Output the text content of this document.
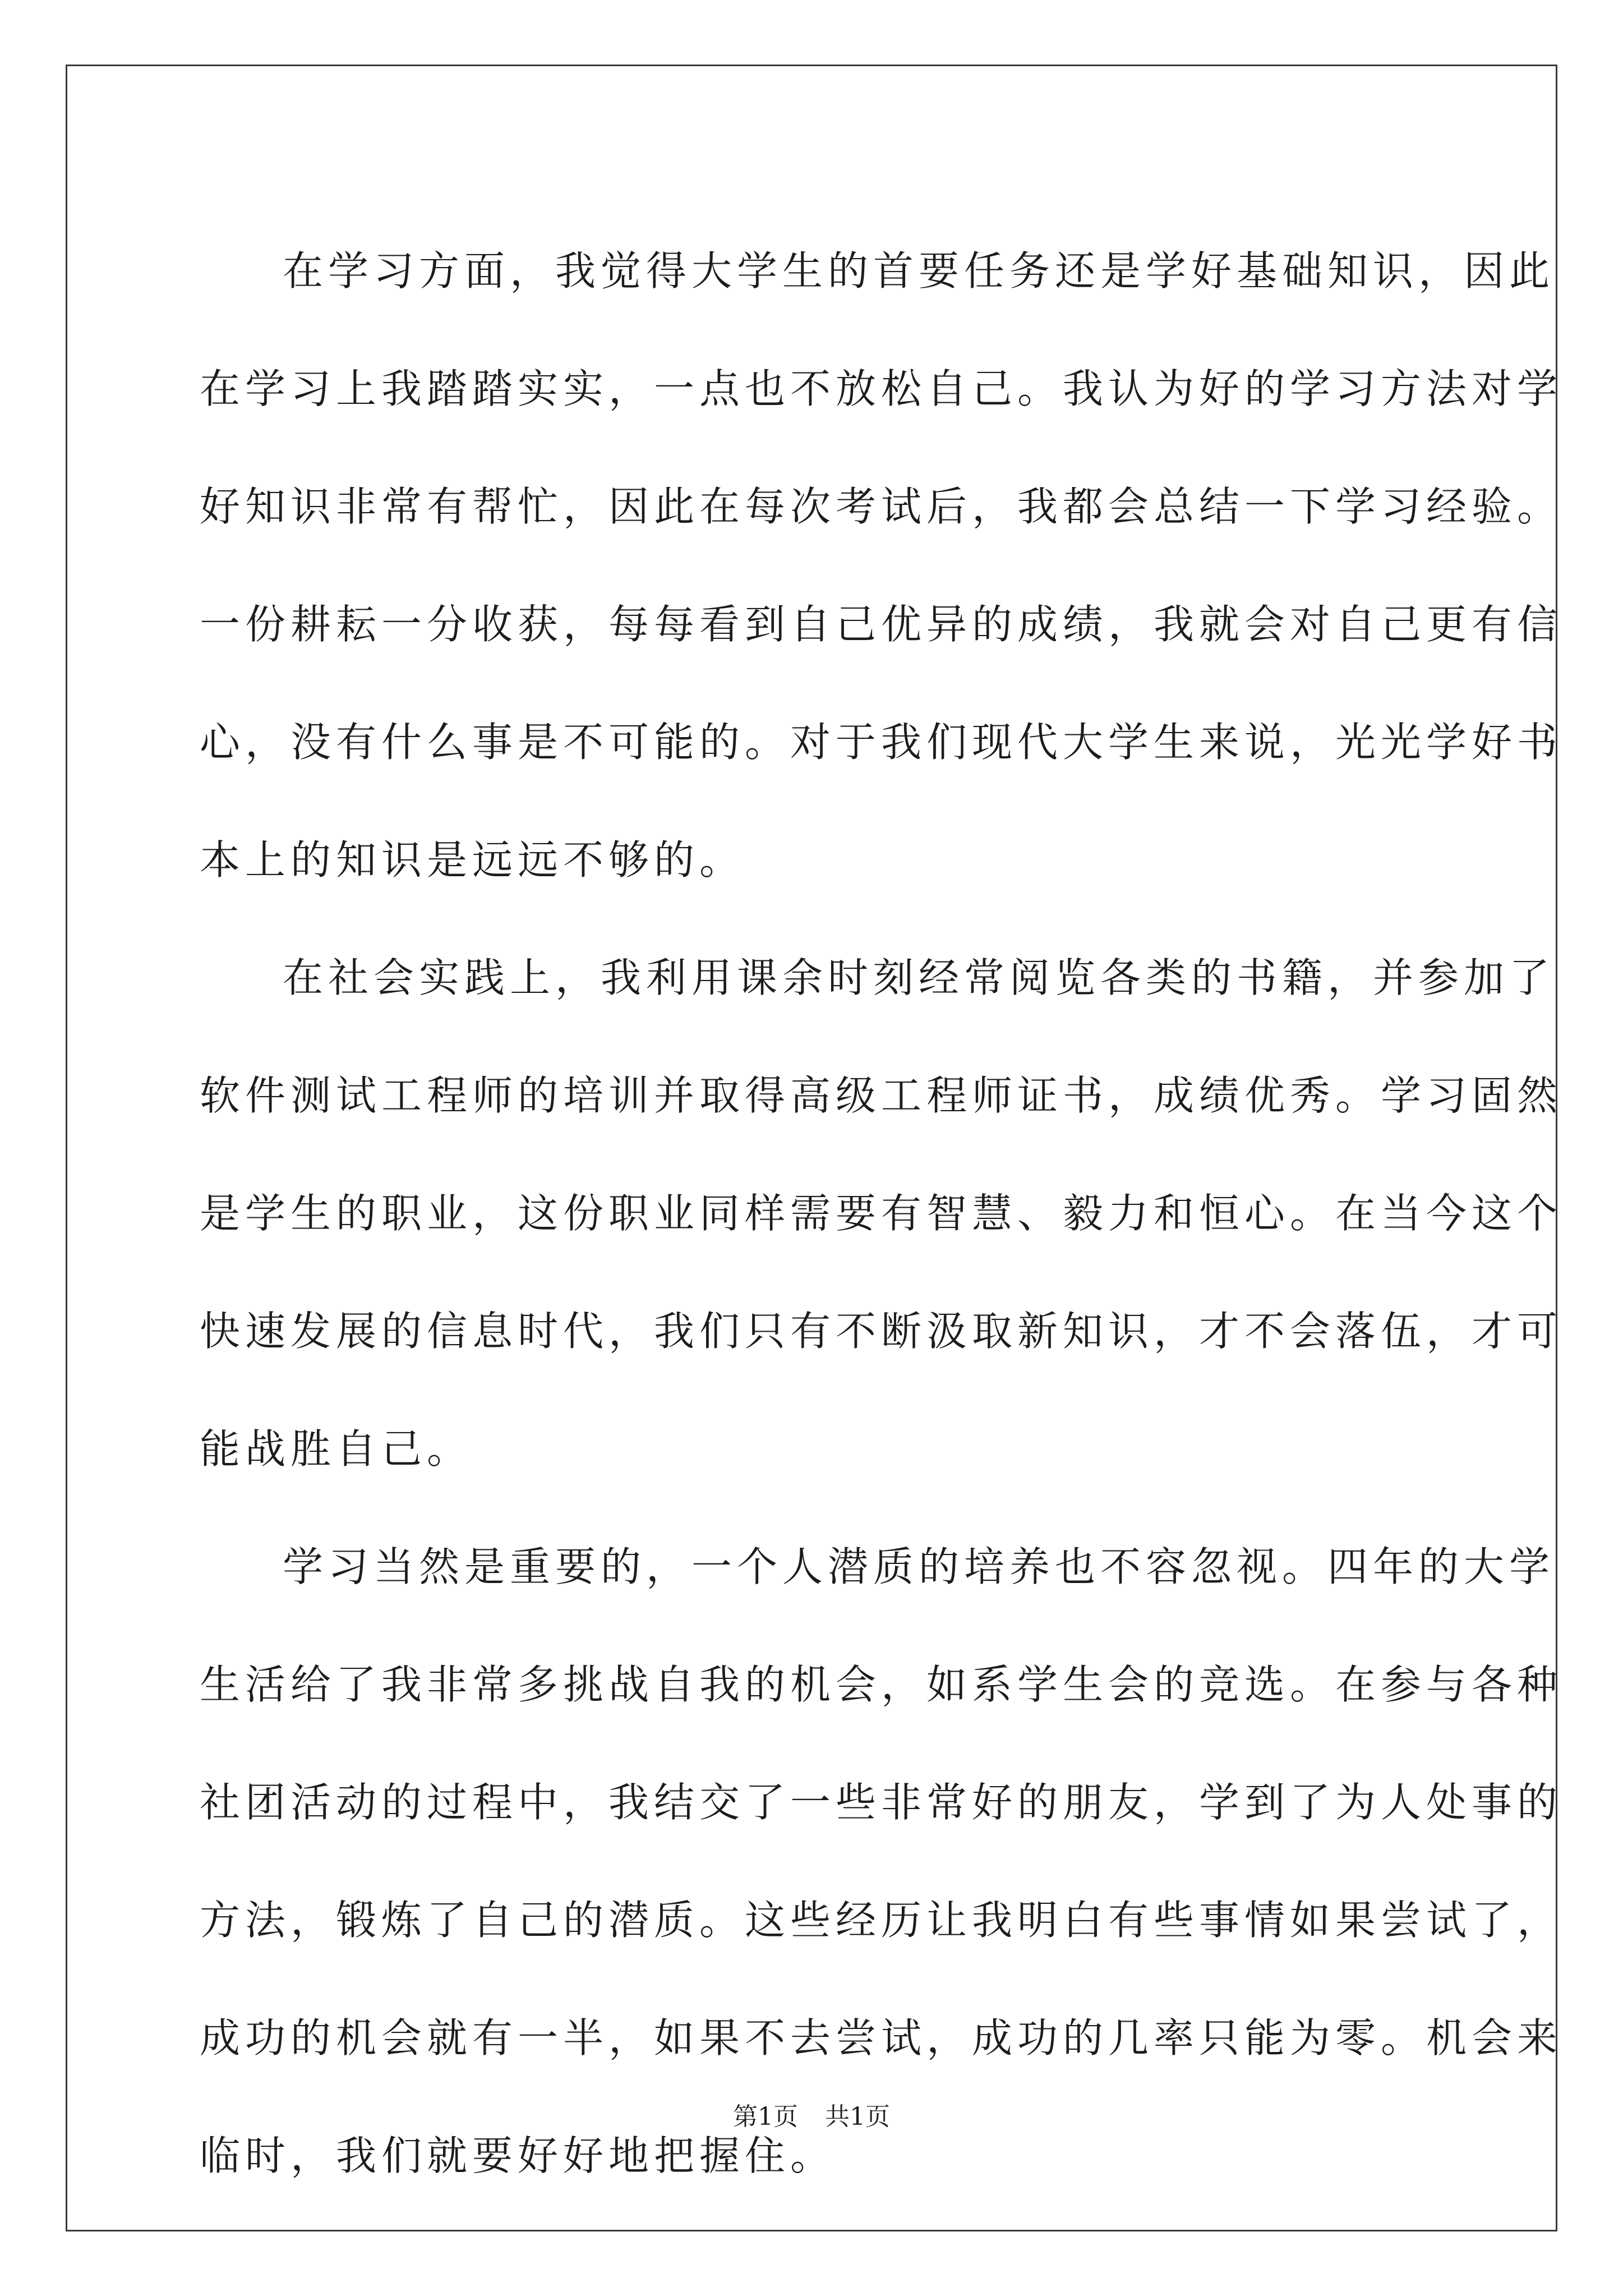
在学习方面，我觉得大学生的首要任务还是学好基础知识，因此
在学习上我踏踏实实，一点也不放松自己。我认为好的学习方法对学
好知识非常有帮忙，因此在每次考试后，我都会总结一下学习经验。
一份耕耘一分收获，每每看到自己优异的成绩，我就会对自己更有信
心，没有什么事是不可能的。对于我们现代大学生来说，光光学好书
本上的知识是远远不够的。
在社会实践上，我利用课余时刻经常阅览各类的书籍，并参加了
软件测试工程师的培训并取得高级工程师证书，成绩优秀。学习固然
是学生的职业，这份职业同样需要有智慧、毅力和恒心。在当今这个
快速发展的信息时代，我们只有不断汲取新知识，才不会落伍，才可
能战胜自己。
学习当然是重要的，一个人潜质的培养也不容忽视。四年的大学
生活给了我非常多挑战自我的机会，如系学生会的竞选。在参与各种
社团活动的过程中，我结交了一些非常好的朋友，学到了为人处事的
方法，锻炼了自己的潜质。这些经历让我明白有些事情如果尝试了，
成功的机会就有一半，如果不去尝试，成功的几率只能为零。机会来
临时，我们就要好好地把握住。
第1页 共1页
